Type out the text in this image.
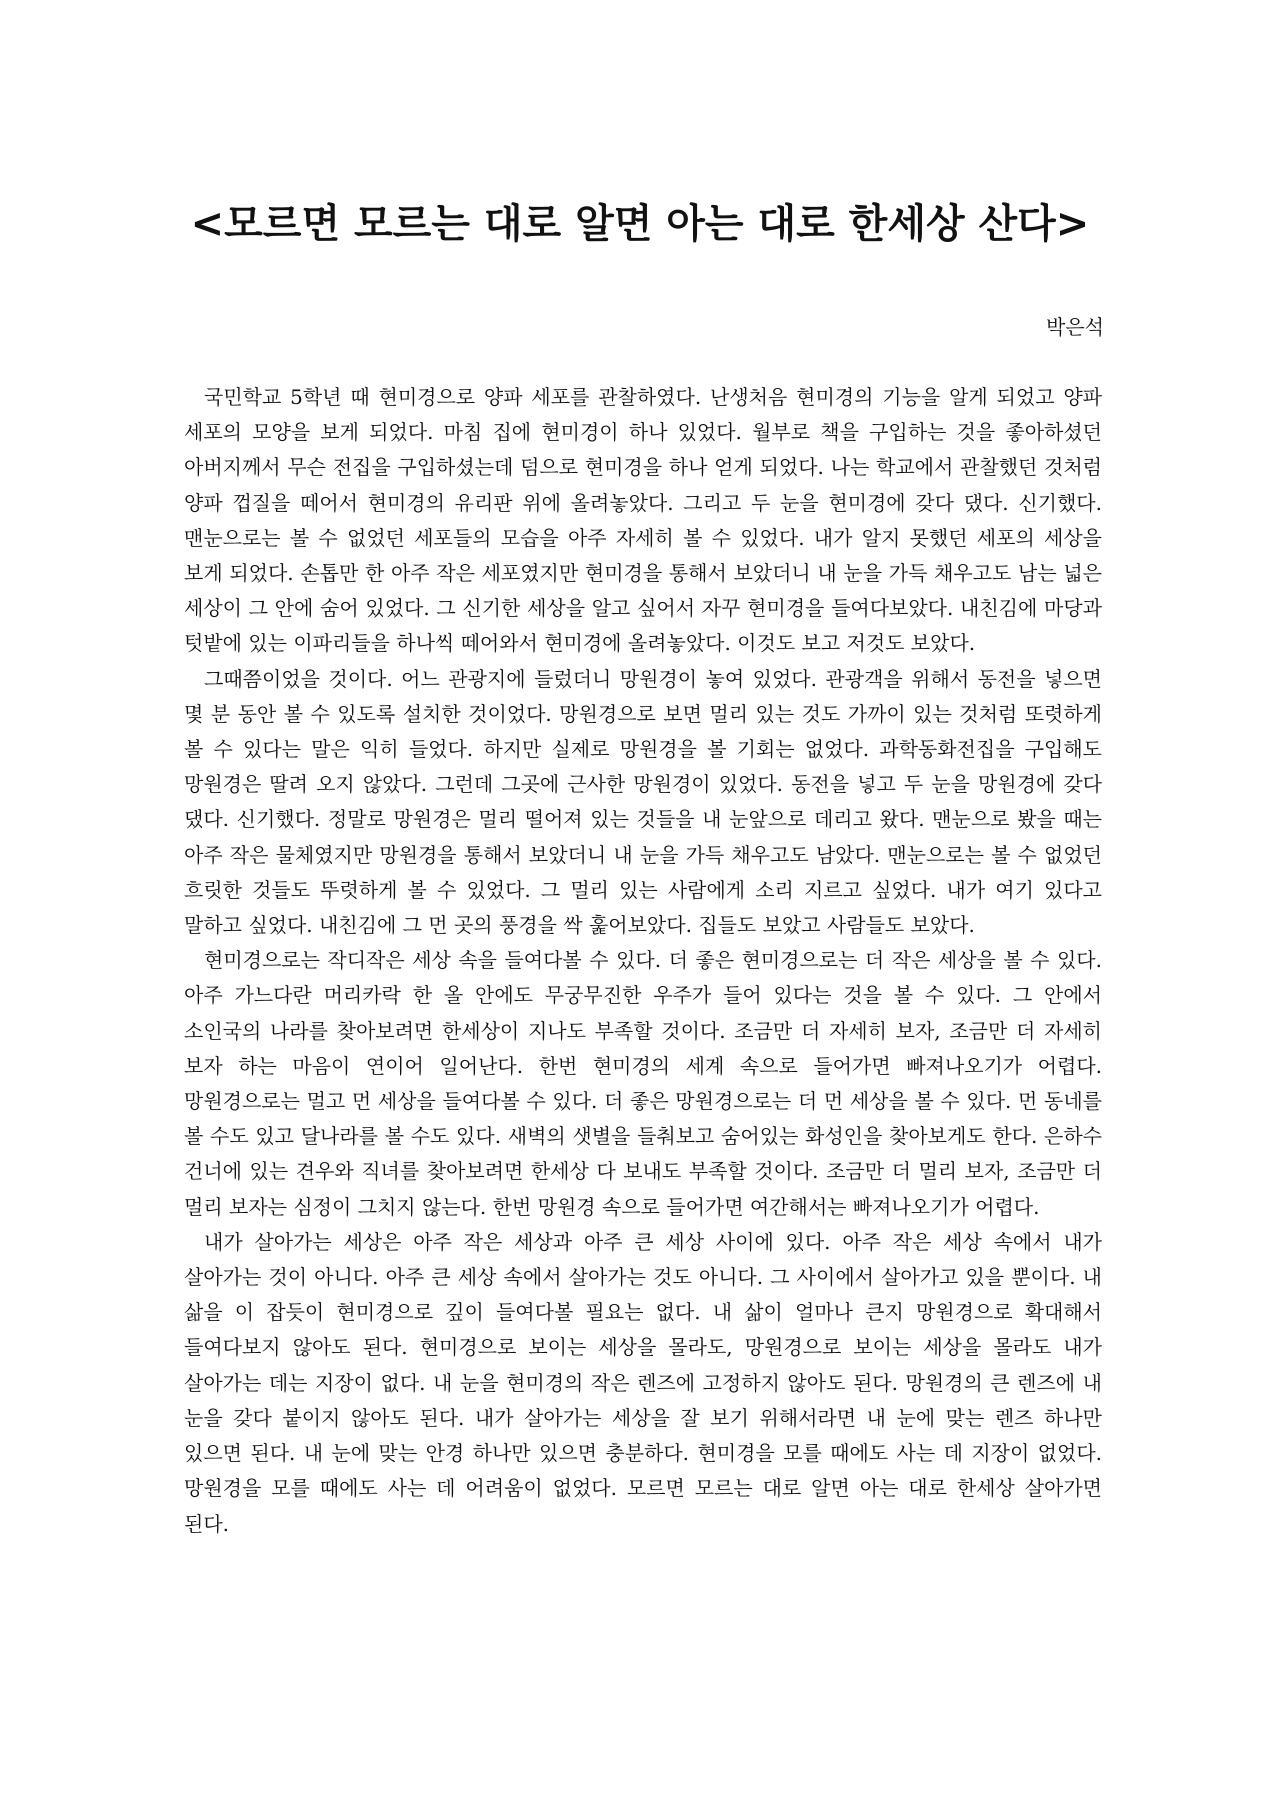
<모르면 모르는 대로 알면 아는 대로 한세상 산다>
박은석

국민학교 5학년 때 현미경으로 양파 세포를 관찰하였다. 난생처음 현미경의 기능을 알게 되었고 양파 세포의 모양을 보게 되었다. 마침 집에 현미경이 하나 있었다. 월부로 책을 구입하는 것을 좋아하셨던 아버지께서 무슨 전집을 구입하셨는데 덤으로 현미경을 하나 얻게 되었다. 나는 학교에서 관찰했던 것처럼 양파 껍질을 떼어서 현미경의 유리판 위에 올려놓았다. 그리고 두 눈을 현미경에 갖다 댔다. 신기했다. 맨눈으로는 볼 수 없었던 세포들의 모습을 아주 자세히 볼 수 있었다. 내가 알지 못했던 세포의 세상을 보게 되었다. 손톱만 한 아주 작은 세포였지만 현미경을 통해서 보았더니 내 눈을 가득 채우고도 남는 넓은 세상이 그 안에 숨어 있었다. 그 신기한 세상을 알고 싶어서 자꾸 현미경을 들여다보았다. 내친김에 마당과 텃밭에 있는 이파리들을 하나씩 떼어와서 현미경에 올려놓았다. 이것도 보고 저것도 보았다.

그때쯤이었을 것이다. 어느 관광지에 들렀더니 망원경이 놓여 있었다. 관광객을 위해서 동전을 넣으면 몇 분 동안 볼 수 있도록 설치한 것이었다. 망원경으로 보면 멀리 있는 것도 가까이 있는 것처럼 또렷하게 볼 수 있다는 말은 익히 들었다. 하지만 실제로 망원경을 볼 기회는 없었다. 과학동화전집을 구입해도 망원경은 딸려 오지 않았다. 그런데 그곳에 근사한 망원경이 있었다. 동전을 넣고 두 눈을 망원경에 갖다 댔다. 신기했다. 정말로 망원경은 멀리 떨어져 있는 것들을 내 눈앞으로 데리고 왔다. 맨눈으로 봤을 때는 아주 작은 물체였지만 망원경을 통해서 보았더니 내 눈을 가득 채우고도 남았다. 맨눈으로는 볼 수 없었던 흐릿한 것들도 뚜렷하게 볼 수 있었다. 그 멀리 있는 사람에게 소리 지르고 싶었다. 내가 여기 있다고 말하고 싶었다. 내친김에 그 먼 곳의 풍경을 싹 훑어보았다. 집들도 보았고 사람들도 보았다.

현미경으로는 작디작은 세상 속을 들여다볼 수 있다. 더 좋은 현미경으로는 더 작은 세상을 볼 수 있다. 아주 가느다란 머리카락 한 올 안에도 무궁무진한 우주가 들어 있다는 것을 볼 수 있다. 그 안에서 소인국의 나라를 찾아보려면 한세상이 지나도 부족할 것이다. 조금만 더 자세히 보자, 조금만 더 자세히 보자 하는 마음이 연이어 일어난다. 한번 현미경의 세계 속으로 들어가면 빠져나오기가 어렵다. 망원경으로는 멀고 먼 세상을 들여다볼 수 있다. 더 좋은 망원경으로는 더 먼 세상을 볼 수 있다. 먼 동네를 볼 수도 있고 달나라를 볼 수도 있다. 새벽의 샛별을 들춰보고 숨어있는 화성인을 찾아보게도 한다. 은하수 건너에 있는 견우와 직녀를 찾아보려면 한세상 다 보내도 부족할 것이다. 조금만 더 멀리 보자, 조금만 더 멀리 보자는 심정이 그치지 않는다. 한번 망원경 속으로 들어가면 여간해서는 빠져나오기가 어렵다.

내가 살아가는 세상은 아주 작은 세상과 아주 큰 세상 사이에 있다. 아주 작은 세상 속에서 내가 살아가는 것이 아니다. 아주 큰 세상 속에서 살아가는 것도 아니다. 그 사이에서 살아가고 있을 뿐이다. 내 삶을 이 잡듯이 현미경으로 깊이 들여다볼 필요는 없다. 내 삶이 얼마나 큰지 망원경으로 확대해서 들여다보지 않아도 된다. 현미경으로 보이는 세상을 몰라도, 망원경으로 보이는 세상을 몰라도 내가 살아가는 데는 지장이 없다. 내 눈을 현미경의 작은 렌즈에 고정하지 않아도 된다. 망원경의 큰 렌즈에 내 눈을 갖다 붙이지 않아도 된다. 내가 살아가는 세상을 잘 보기 위해서라면 내 눈에 맞는 렌즈 하나만 있으면 된다. 내 눈에 맞는 안경 하나만 있으면 충분하다. 현미경을 모를 때에도 사는 데 지장이 없었다. 망원경을 모를 때에도 사는 데 어려움이 없었다. 모르면 모르는 대로 알면 아는 대로 한세상 살아가면 된다.
